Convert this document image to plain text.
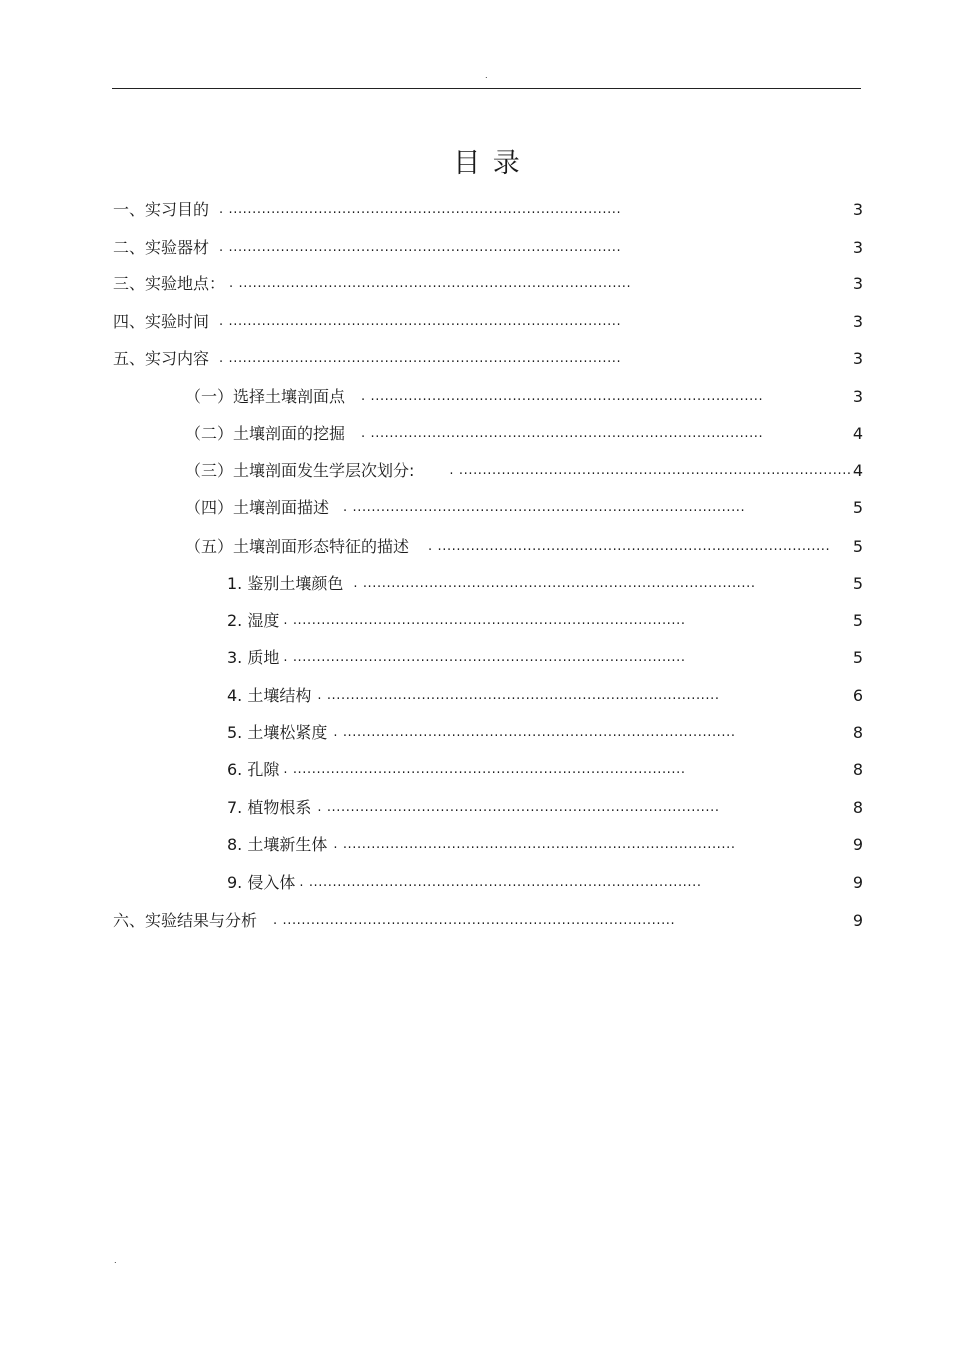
.
目 录
一、实习目的 . ...................................................................................	3
二、实验器材 . ...................................................................................	3
三、实验地点： . ...................................................................................	3
四、实验时间 . ...................................................................................	3
五、实习内容 . ...................................................................................	3
（一）选择土壤剖面点 . ...................................................................................	3
（二）土壤剖面的挖掘 . ...................................................................................	4
（三）土壤剖面发生学层次划分:	. ................................................................................... 4
（四）土壤剖面描述 . ...................................................................................	5
（五）土壤剖面形态特征的描述 . ................................................................................... 5
1. 鉴别土壤颜色 . ...................................................................................	5
2. 湿度 . ...................................................................................	5
3. 质地 . ...................................................................................	5
4. 土壤结构 . ...................................................................................	6
5. 土壤松紧度 . ...................................................................................	8
6. 孔隙 . ...................................................................................	8
7. 植物根系 . ...................................................................................	8
8. 土壤新生体 . ...................................................................................	9
9. 侵入体 . ...................................................................................	9
六、实验结果与分析 . ...................................................................................	9
.
